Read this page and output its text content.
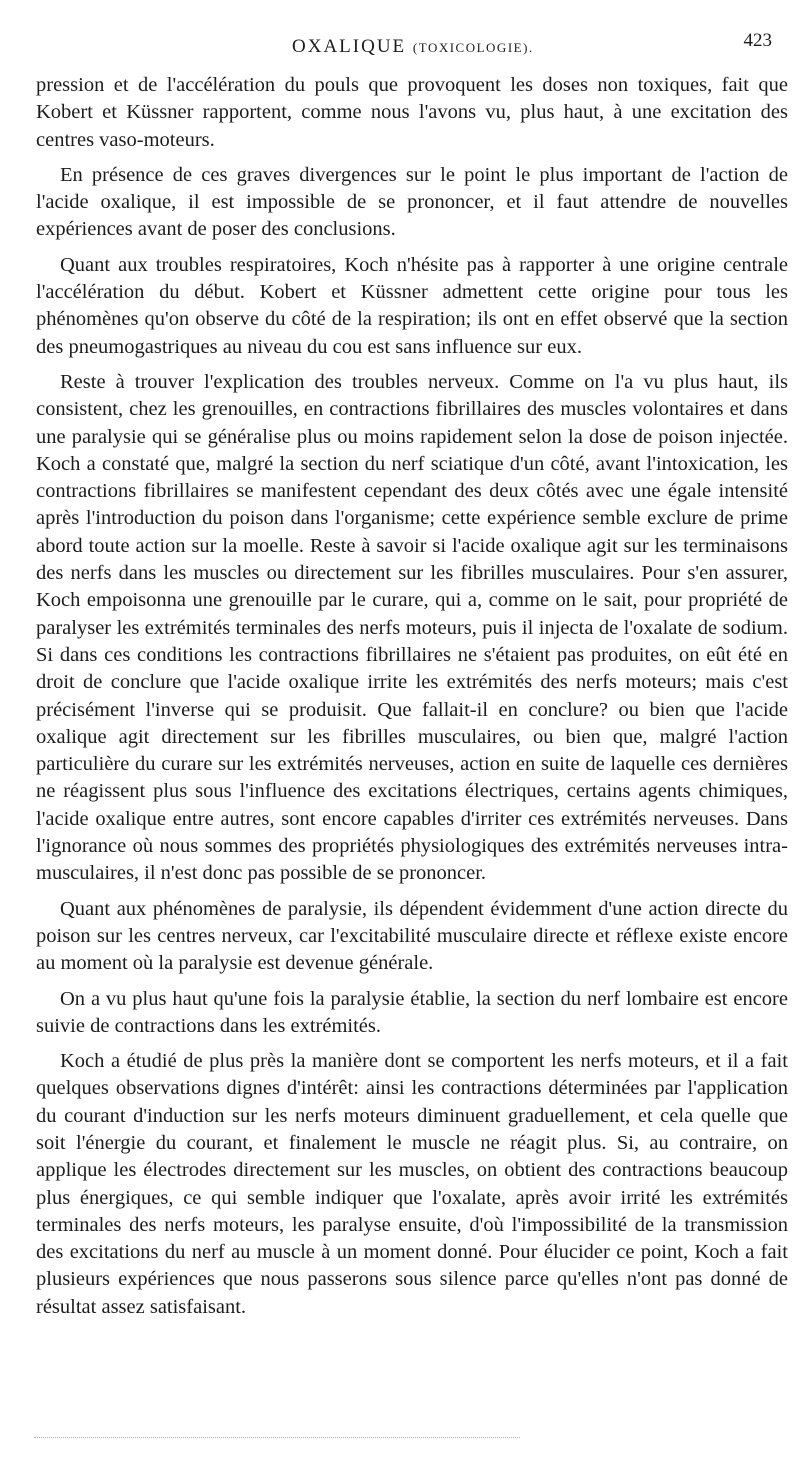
OXALIQUE (TOXICOLOGIE).	423

pression et de l'accélération du pouls que provoquent les doses non toxiques, fait que Kobert et Küssner rapportent, comme nous l'avons vu, plus haut, à une excitation des centres vaso-moteurs.

En présence de ces graves divergences sur le point le plus important de l'action de l'acide oxalique, il est impossible de se prononcer, et il faut attendre de nouvelles expériences avant de poser des conclusions.

Quant aux troubles respiratoires, Koch n'hésite pas à rapporter à une origine centrale l'accélération du début. Kobert et Küssner admettent cette origine pour tous les phénomènes qu'on observe du côté de la respiration; ils ont en effet observé que la section des pneumogastriques au niveau du cou est sans influence sur eux.

Reste à trouver l'explication des troubles nerveux. Comme on l'a vu plus haut, ils consistent, chez les grenouilles, en contractions fibrillaires des muscles volontaires et dans une paralysie qui se généralise plus ou moins rapidement selon la dose de poison injectée. Koch a constaté que, malgré la section du nerf sciatique d'un côté, avant l'intoxication, les contractions fibrillaires se manifestent cependant des deux côtés avec une égale intensité après l'introduction du poison dans l'organisme; cette expérience semble exclure de prime abord toute action sur la moelle. Reste à savoir si l'acide oxalique agit sur les terminaisons des nerfs dans les muscles ou directement sur les fibrilles musculaires. Pour s'en assurer, Koch empoisonna une grenouille par le curare, qui a, comme on le sait, pour propriété de paralyser les extrémités terminales des nerfs moteurs, puis il injecta de l'oxalate de sodium. Si dans ces conditions les contractions fibrillaires ne s'étaient pas produites, on eût été en droit de conclure que l'acide oxalique irrite les extrémités des nerfs moteurs; mais c'est précisément l'inverse qui se produisit. Que fallait-il en conclure? ou bien que l'acide oxalique agit directement sur les fibrilles musculaires, ou bien que, malgré l'action particulière du curare sur les extrémités nerveuses, action en suite de laquelle ces dernières ne réagissent plus sous l'influence des excitations électriques, certains agents chimiques, l'acide oxalique entre autres, sont encore capables d'irriter ces extrémités nerveuses. Dans l'ignorance où nous sommes des propriétés physiologiques des extrémités nerveuses intra-musculaires, il n'est donc pas possible de se prononcer.

Quant aux phénomènes de paralysie, ils dépendent évidemment d'une action directe du poison sur les centres nerveux, car l'excitabilité musculaire directe et réflexe existe encore au moment où la paralysie est devenue générale.

On a vu plus haut qu'une fois la paralysie établie, la section du nerf lombaire est encore suivie de contractions dans les extrémités.

Koch a étudié de plus près la manière dont se comportent les nerfs moteurs, et il a fait quelques observations dignes d'intérêt: ainsi les contractions déterminées par l'application du courant d'induction sur les nerfs moteurs diminuent graduellement, et cela quelle que soit l'énergie du courant, et finalement le muscle ne réagit plus. Si, au contraire, on applique les électrodes directement sur les muscles, on obtient des contractions beaucoup plus énergiques, ce qui semble indiquer que l'oxalate, après avoir irrité les extrémités terminales des nerfs moteurs, les paralyse ensuite, d'où l'impossibilité de la transmission des excitations du nerf au muscle à un moment donné. Pour élucider ce point, Koch a fait plusieurs expériences que nous passerons sous silence parce qu'elles n'ont pas donné de résultat assez satisfaisant.
